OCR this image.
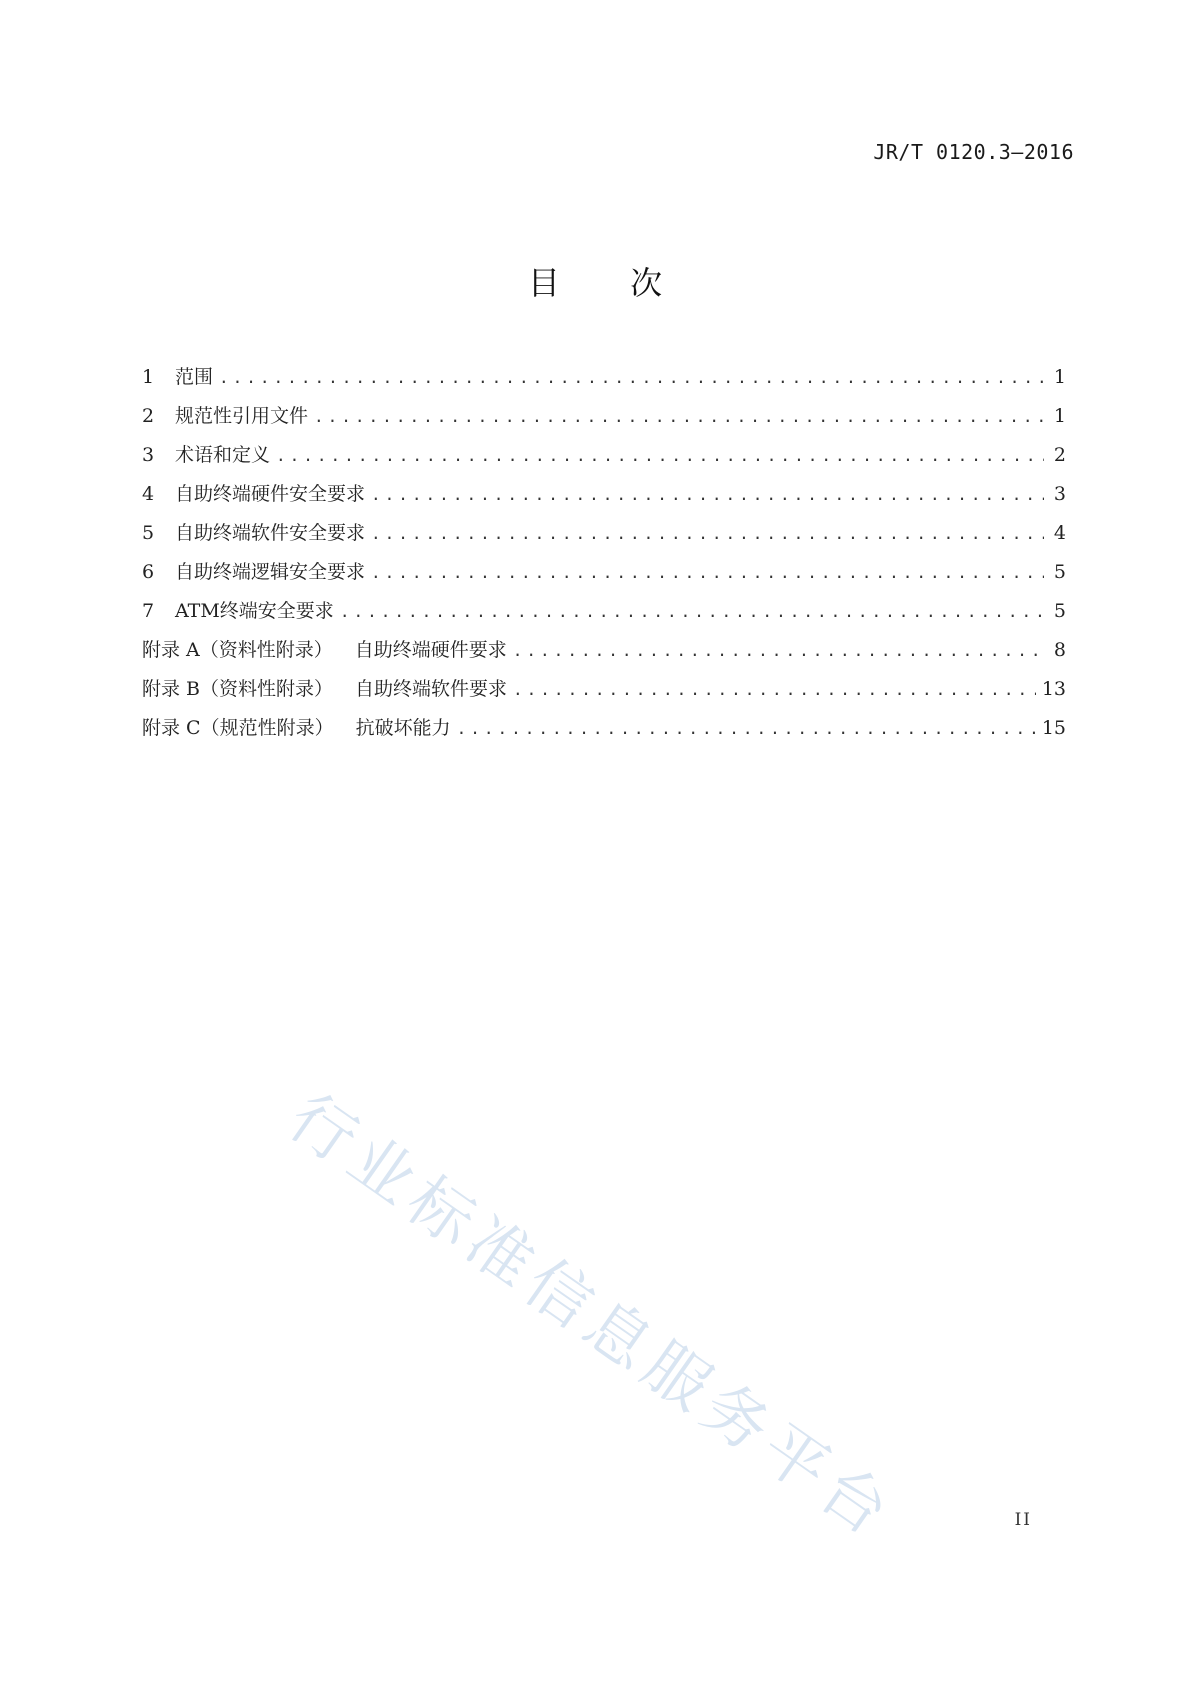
JR/T 0120.3—2016
目 次
1	范围 .....	1
2	规范性引用文件 .....	1
3	术语和定义 .....	2
4	自助终端硬件安全要求 .....	3
5	自助终端软件安全要求 .....	4
6	自助终端逻辑安全要求 .....	5
7	ATM终端安全要求 .....	5
附录 A（资料性附录） 自助终端硬件要求 .....	8
附录 B（资料性附录） 自助终端软件要求 .....	13
附录 C（规范性附录） 抗破坏能力 .....	15
行业标准信息服务平台	II
